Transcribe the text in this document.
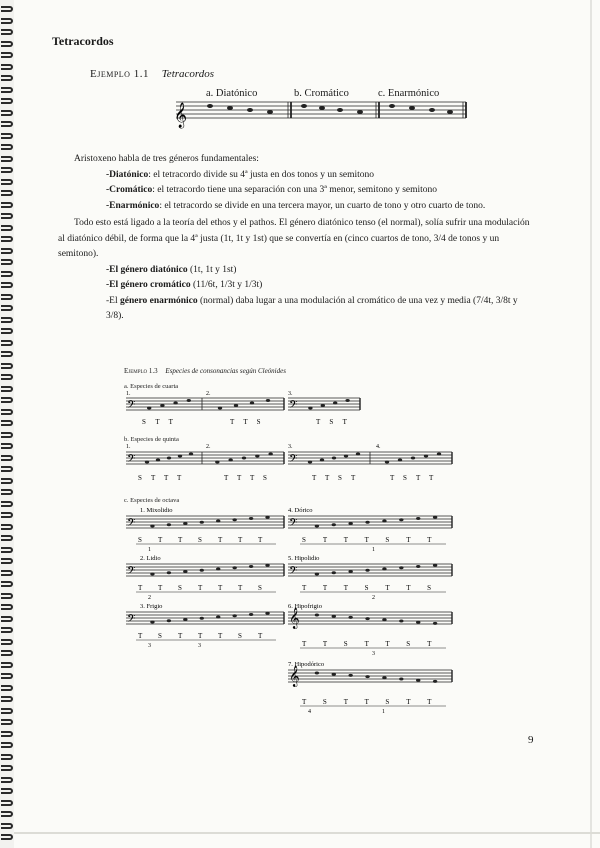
Tetracordos
Ejemplo 1.1 Tetracordos
a. Diatónico	b. Cromático	c. Enarmónico
𝄞
Aristoxeno habla de tres géneros fundamentales:
-Diatónico: el tetracordo divide su 4ª justa en dos tonos y un semitono
-Cromático: el tetracordo tiene una separación con una 3ª menor, semitono y semitono
-Enarmónico: el tetracordo se divide en una tercera mayor, un cuarto de tono y otro cuarto de tono.
Todo esto está ligado a la teoría del ethos y el pathos. El género diatónico tenso (el normal), solía sufrir una modulación al diatónico débil, de forma que la 4ª justa (1t, 1t y 1st) que se convertía en (cinco cuartos de tono, 3/4 de tonos y un semitono).
-El género diatónico (1t, 1t y 1st)
-El género cromático (11/6t, 1/3t y 1/3t)
-El género enarmónico (normal) daba lugar a una modulación al cromático de una vez y media (7/4t, 3/8t y 3/8).
Ejemplo 1.3 Especies de consonancias según Cleónides
a. Especies de cuarta
b. Especies de quinta
c. Especies de octava
𝄢
1.	2.
S T T	T T S
𝄢
3.
T S T
𝄢
1.	2.
S T T T	T T T S
𝄢
3.	4.
T T S T	T S T T
𝄢
1. Mixolidio
S T T S T T T
1
𝄢
4. Dórico
S T T T S T T
1
𝄢
2. Lidio
T T S T T T S
2
𝄢
5. Hipolidio
T T T S T T S
2
𝄢
3. Frigio
T S T T T S T
3	3
𝄞
6. Hipofrigio
T T S T T S T
3
𝄞
7. Hipodórico
T S T T S T T
4	1
9
